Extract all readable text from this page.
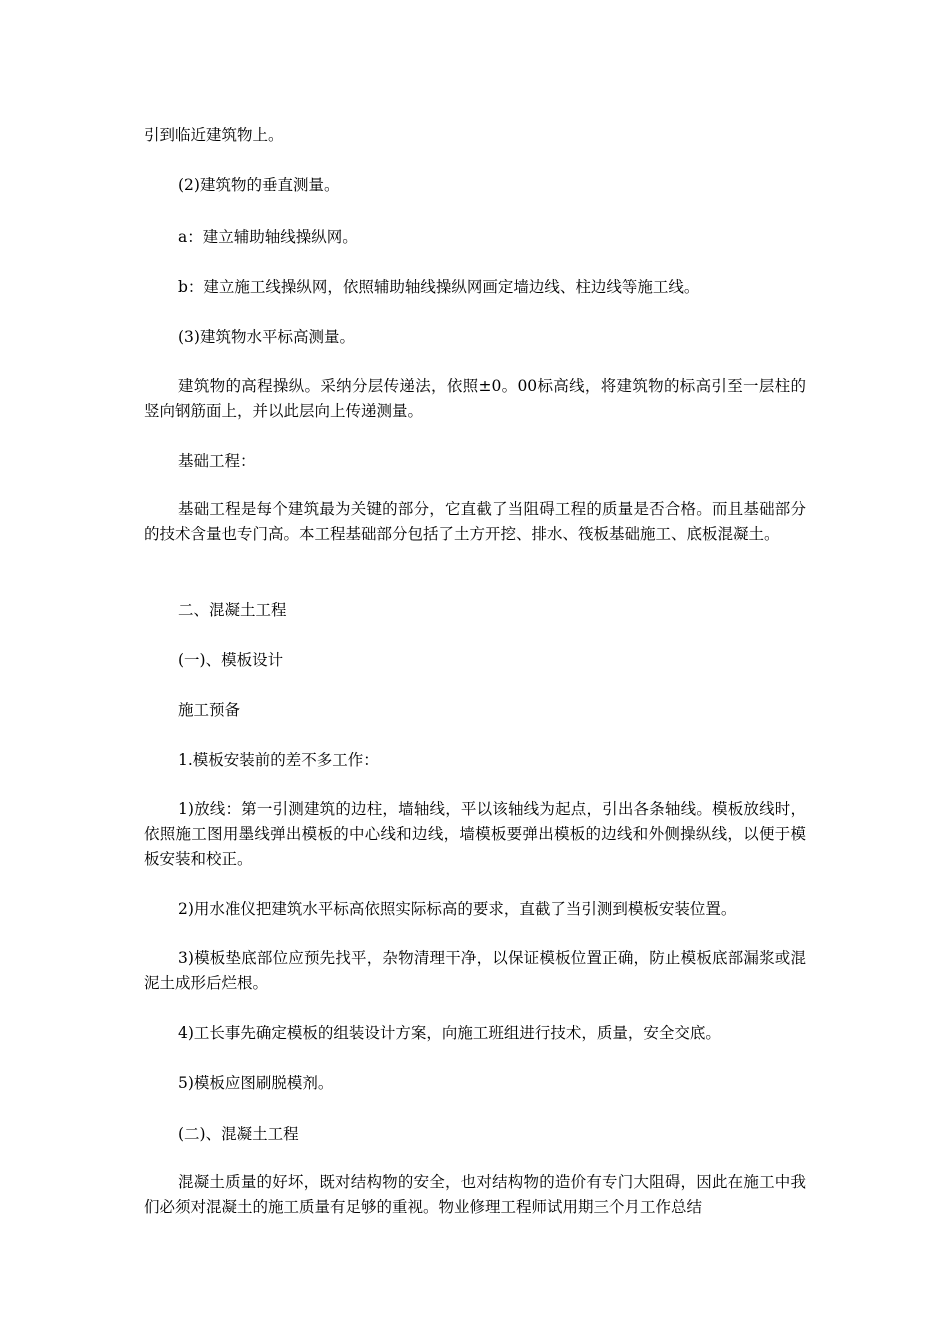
引到临近建筑物上。

(2)建筑物的垂直测量。

a：建立辅助轴线操纵网。

b：建立施工线操纵网，依照辅助轴线操纵网画定墙边线、柱边线等施工线。

(3)建筑物水平标高测量。

建筑物的高程操纵。采纳分层传递法，依照±0。00标高线，将建筑物的标高引至一层柱的竖向钢筋面上，并以此层向上传递测量。

基础工程：

基础工程是每个建筑最为关键的部分，它直截了当阻碍工程的质量是否合格。而且基础部分的技术含量也专门高。本工程基础部分包括了土方开挖、排水、筏板基础施工、底板混凝土。

二、混凝土工程

(一)、模板设计

施工预备

1.模板安装前的差不多工作：

1)放线：第一引测建筑的边柱，墙轴线，平以该轴线为起点，引出各条轴线。模板放线时，依照施工图用墨线弹出模板的中心线和边线，墙模板要弹出模板的边线和外侧操纵线，以便于模板安装和校正。

2)用水准仪把建筑水平标高依照实际标高的要求，直截了当引测到模板安装位置。

3)模板垫底部位应预先找平，杂物清理干净，以保证模板位置正确，防止模板底部漏浆或混泥土成形后烂根。

4)工长事先确定模板的组装设计方案，向施工班组进行技术，质量，安全交底。

5)模板应图刷脱模剂。

(二)、混凝土工程

混凝土质量的好坏，既对结构物的安全，也对结构物的造价有专门大阻碍，因此在施工中我们必须对混凝土的施工质量有足够的重视。物业修理工程师试用期三个月工作总结
